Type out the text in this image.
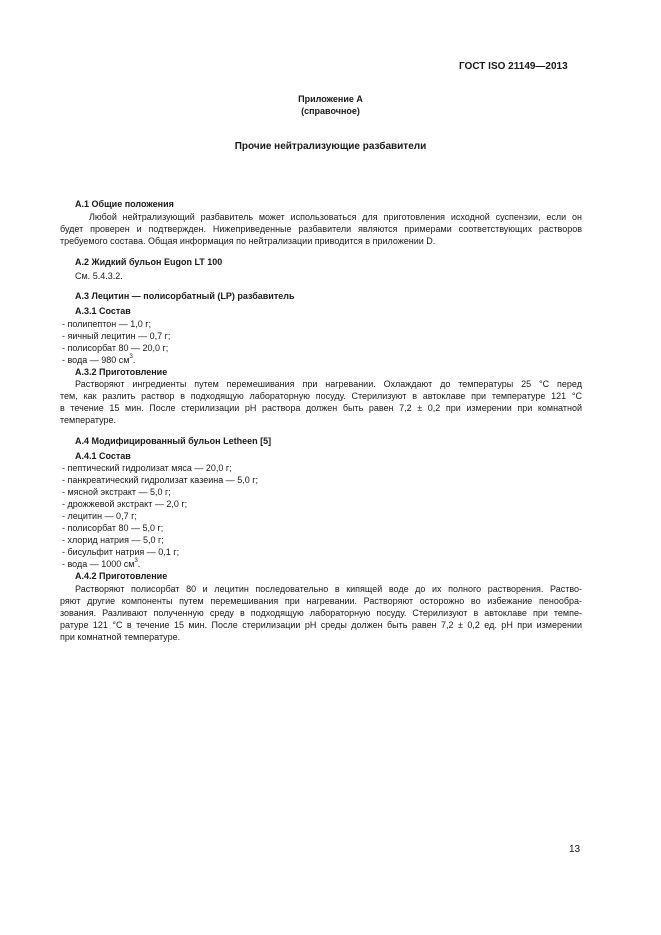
ГОСТ ISO 21149—2013
Приложение А
(справочное)
Прочие нейтрализующие разбавители
А.1 Общие положения
Любой нейтрализующий разбавитель может использоваться для приготовления исходной суспензии, если он
будет проверен и подтвержден. Нижеприведенные разбавители являются примерами соответствующих растворов
требуемого состава. Общая информация по нейтрализации приводится в приложении D.
А.2 Жидкий бульон Eugon LT 100
См. 5.4.3.2.
А.3 Лецитин — полисорбатный (LP) разбавитель
А.3.1 Состав
- полипептон — 1,0 г;
- яичный лецитин — 0,7 г;
- полисорбат 80 — 20,0 г;
- вода — 980 $см^3$.
А.3.2 Приготовление
Растворяют ингредиенты путем перемешивания при нагревании. Охлаждают до температуры 25 °С перед
тем, как разлить раствор в подходящую лабораторную посуду. Стерилизуют в автоклаве при температуре 121 °С
в течение 15 мин. После стерилизации рН раствора должен быть равен 7,2 ± 0,2 при измерении при комнатной
температуре.
А.4 Модифицированный бульон Letheen [5]
А.4.1 Состав
- пептический гидролизат мяса — 20,0 г;
- панкреатический гидролизат казеина — 5,0 г;
- мясной экстракт — 5,0 г;
- дрожжевой экстракт — 2,0 г;
- лецитин — 0,7 г;
- полисорбат 80 — 5,0 г;
- хлорид натрия — 5,0 г;
- бисульфит натрия — 0,1 г;
- вода — 1000 $см^3$.
А.4.2 Приготовление
Растворяют полисорбат 80 и лецитин последовательно в кипящей воде до их полного растворения. Раство-
ряют другие компоненты путем перемешивания при нагревании. Растворяют осторожно во избежание пенообра-
зования. Разливают полученную среду в подходящую лабораторную посуду. Стерилизуют в автоклаве при темпе-
ратуре 121 °С в течение 15 мин. После стерилизации рН среды должен быть равен 7,2 ± 0,2 ед. рН при измерении
при комнатной температуре.
13
